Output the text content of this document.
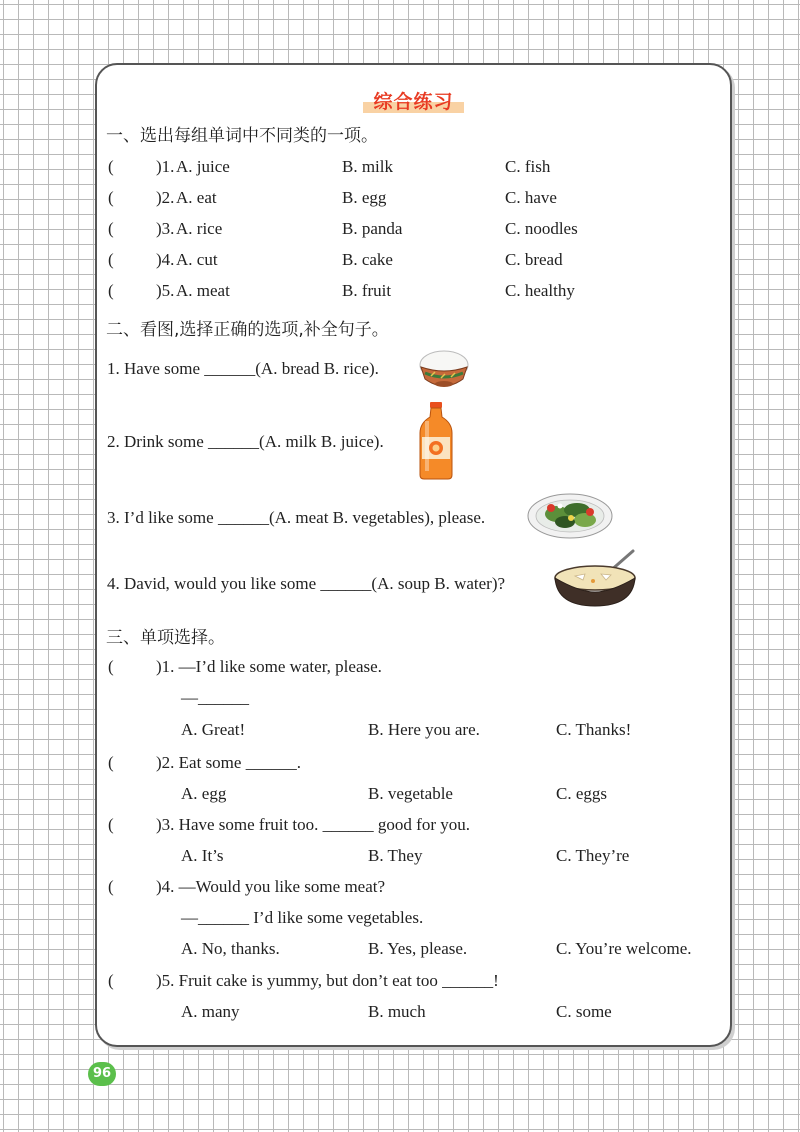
综合练习
一、选出每组单词中不同类的一项。
( )1. A. juice	B. milk	C. fish
( )2. A. eat	B. egg	C. have
( )3. A. rice	B. panda	C. noodles
( )4. A. cut	B. cake	C. bread
( )5. A. meat	B. fruit	C. healthy
二、看图,选择正确的选项,补全句子。
1. Have some ______(A. bread B. rice).
2. Drink some ______(A. milk B. juice).
3. I’d like some ______(A. meat B. vegetables), please.
4. David, would you like some ______(A. soup B. water)?
三、单项选择。
( )1. —I’d like some water, please.
—______
A. Great!	B. Here you are.	C. Thanks!
( )2. Eat some ______.
A. egg	B. vegetable	C. eggs
( )3. Have some fruit too. ______ good for you.
A. It’s	B. They	C. They’re
( )4. —Would you like some meat?
—______ I’d like some vegetables.
A. No, thanks.	B. Yes, please.	C. You’re welcome.
( )5. Fruit cake is yummy, but don’t eat too ______!
A. many	B. much	C. some
96
